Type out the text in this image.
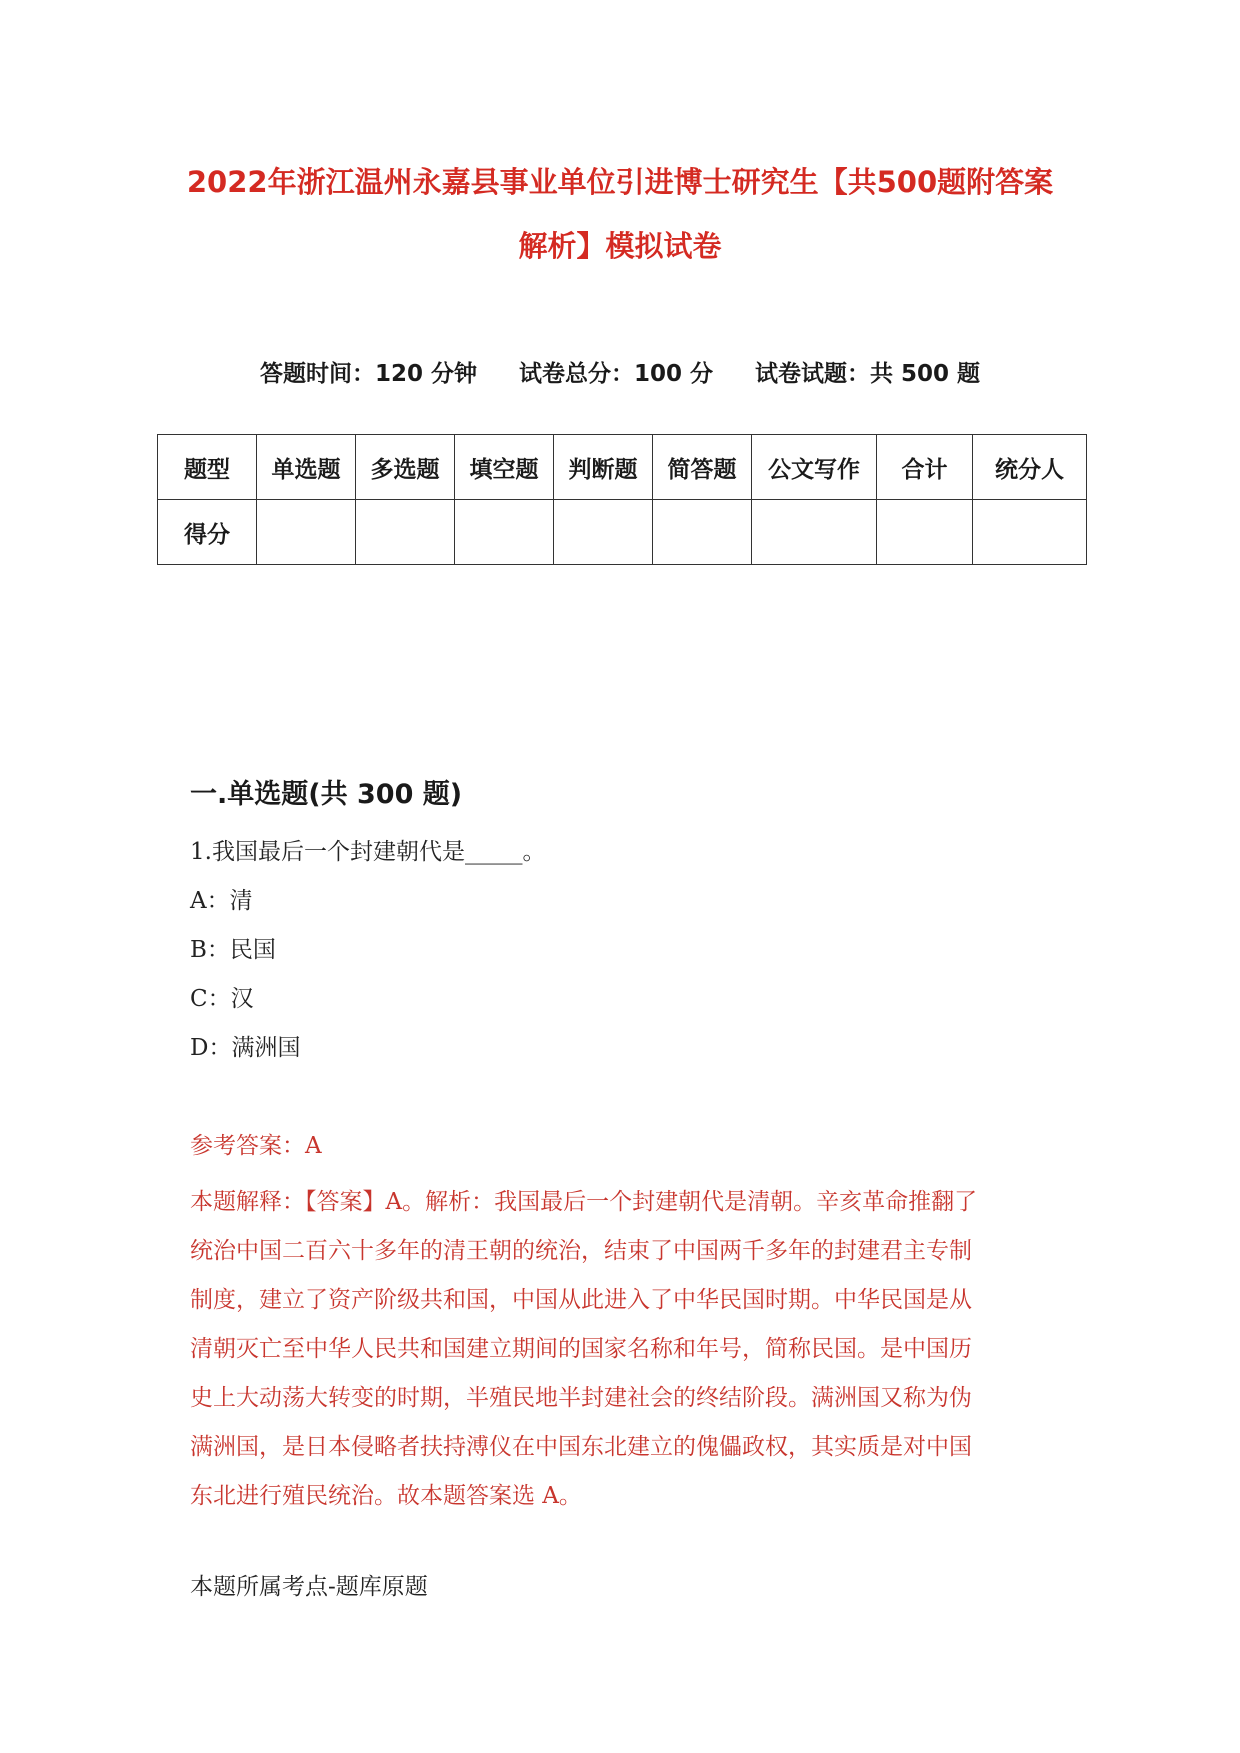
2022年浙江温州永嘉县事业单位引进博士研究生【共500题附答案
解析】模拟试卷
答题时间：120 分钟 试卷总分：100 分 试卷试题：共 500 题
题型	单选题	多选题	填空题	判断题	简答题	公文写作	合计	统分人
得分								
一.单选题(共 300 题)
1.我国最后一个封建朝代是_____。
A：清
B：民国
C：汉
D：满洲国
参考答案：A
本题解释：【答案】A。解析：我国最后一个封建朝代是清朝。辛亥革命推翻了
统治中国二百六十多年的清王朝的统治，结束了中国两千多年的封建君主专制
制度，建立了资产阶级共和国，中国从此进入了中华民国时期。中华民国是从
清朝灭亡至中华人民共和国建立期间的国家名称和年号，简称民国。是中国历
史上大动荡大转变的时期，半殖民地半封建社会的终结阶段。满洲国又称为伪
满洲国，是日本侵略者扶持溥仪在中国东北建立的傀儡政权，其实质是对中国
东北进行殖民统治。故本题答案选 A。
本题所属考点-题库原题
